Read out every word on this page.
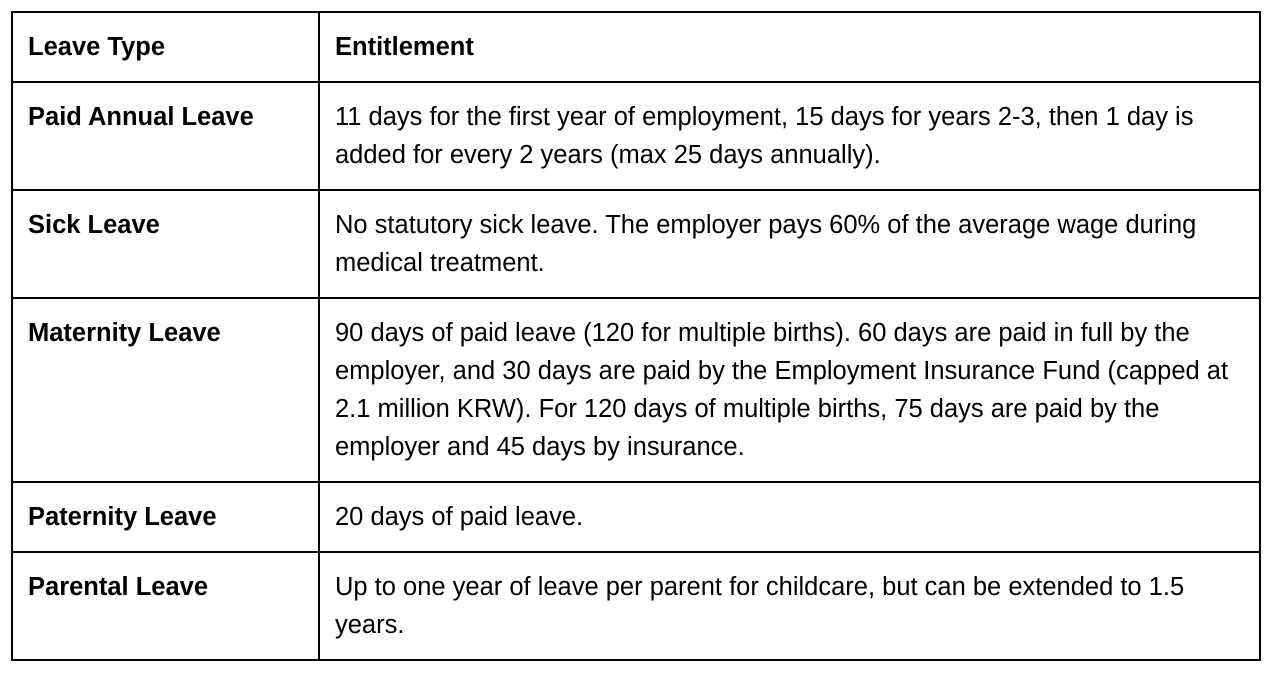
Leave Type	Entitlement
Paid Annual Leave	11 days for the first year of employment, 15 days for years 2-3, then 1 day is added for every 2 years (max 25 days annually).
Sick Leave	No statutory sick leave. The employer pays 60% of the average wage during medical treatment.
Maternity Leave	90 days of paid leave (120 for multiple births). 60 days are paid in full by the employer, and 30 days are paid by the Employment Insurance Fund (capped at 2.1 million KRW). For 120 days of multiple births, 75 days are paid by the employer and 45 days by insurance.
Paternity Leave	20 days of paid leave.
Parental Leave	Up to one year of leave per parent for childcare, but can be extended to 1.5 years.
